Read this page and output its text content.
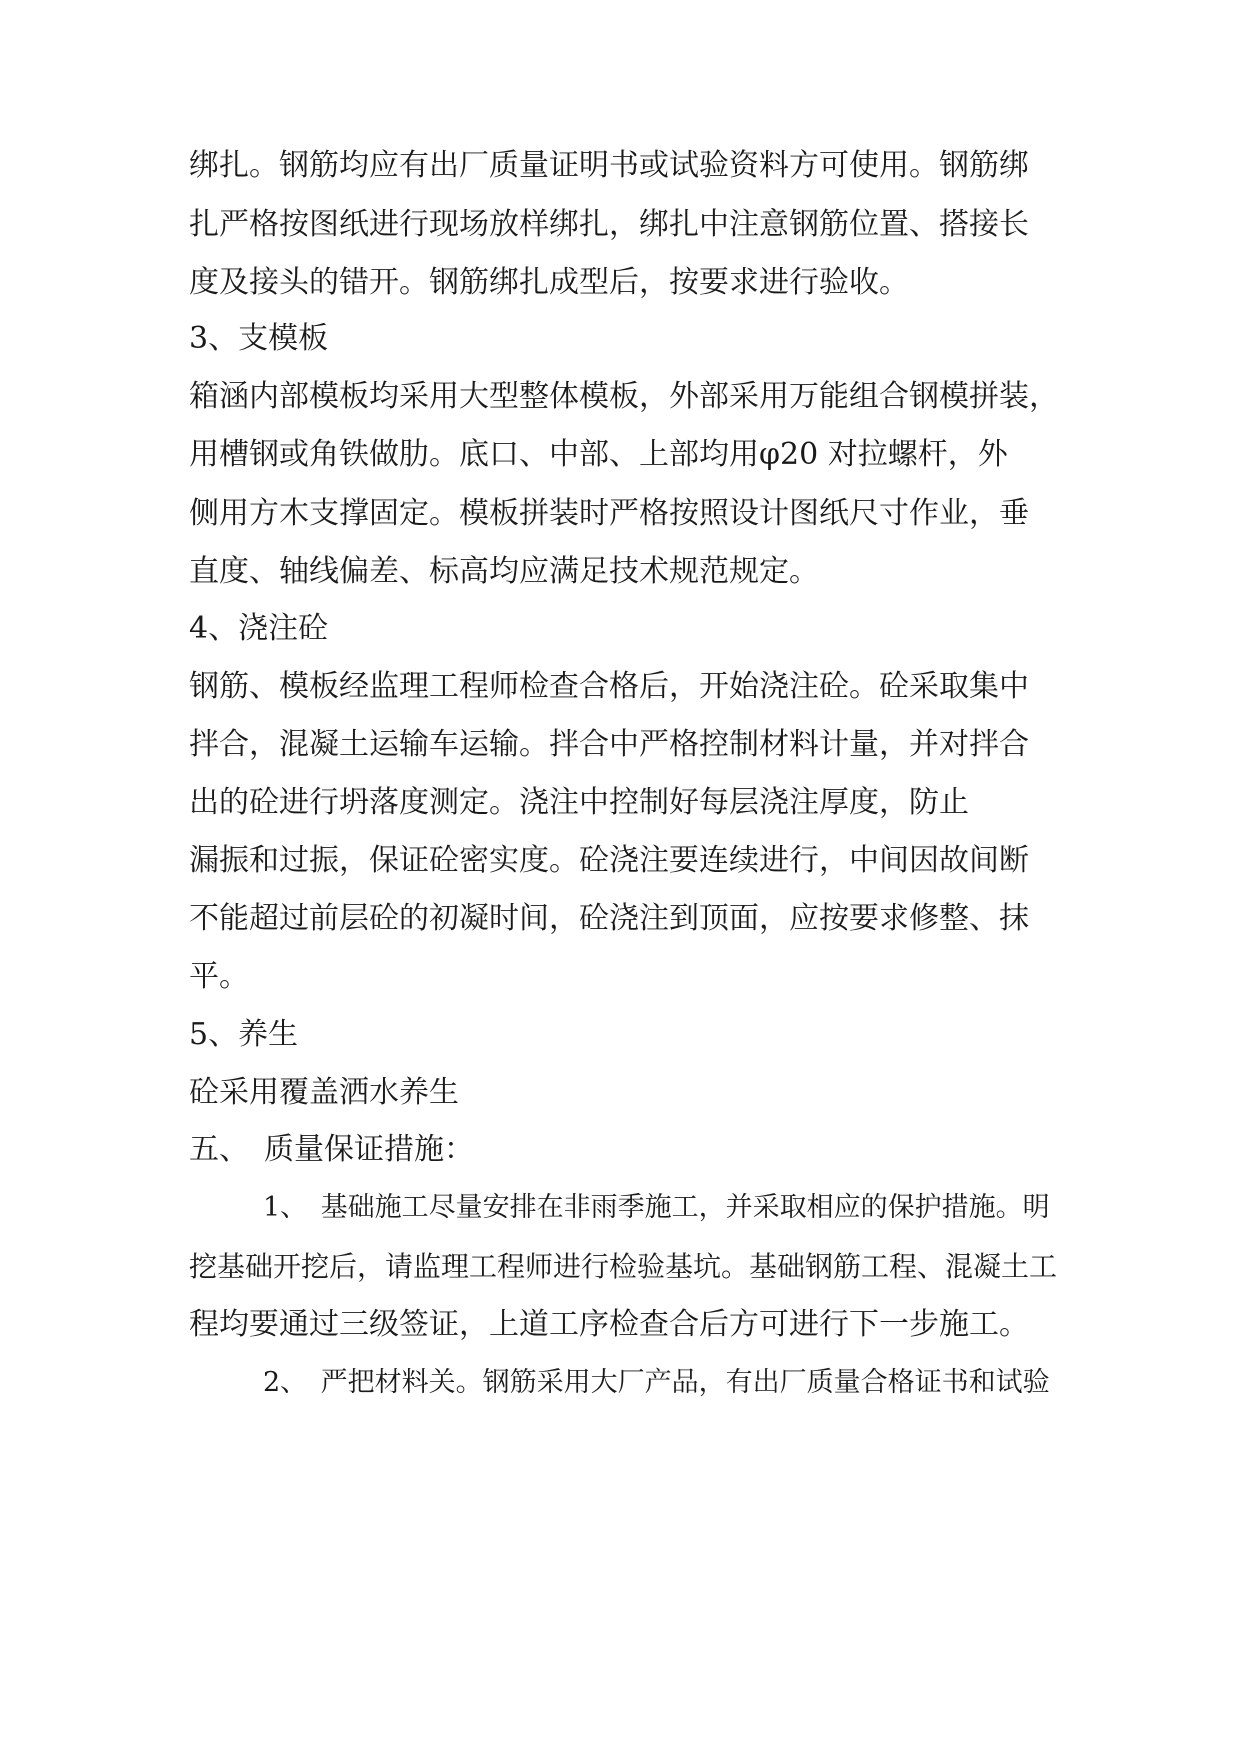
绑扎。钢筋均应有出厂质量证明书或试验资料方可使用。钢筋绑

扎严格按图纸进行现场放样绑扎，绑扎中注意钢筋位置、搭接长

度及接头的错开。钢筋绑扎成型后，按要求进行验收。

3、支模板

箱涵内部模板均采用大型整体模板，外部采用万能组合钢模拼装，

用槽钢或角铁做肋。底口、中部、上部均用φ20 对拉螺杆，外

侧用方木支撑固定。模板拼装时严格按照设计图纸尺寸作业，垂

直度、轴线偏差、标高均应满足技术规范规定。

4、浇注砼

钢筋、模板经监理工程师检查合格后，开始浇注砼。砼采取集中

拌合，混凝土运输车运输。拌合中严格控制材料计量，并对拌合

出的砼进行坍落度测定。浇注中控制好每层浇注厚度，防止

漏振和过振，保证砼密实度。砼浇注要连续进行，中间因故间断

不能超过前层砼的初凝时间，砼浇注到顶面，应按要求修整、抹

平。

5、养生

砼采用覆盖洒水养生

五、　质量保证措施：

1、　基础施工尽量安排在非雨季施工，并采取相应的保护措施。明

挖基础开挖后，请监理工程师进行检验基坑。基础钢筋工程、混凝土工

程均要通过三级签证，上道工序检查合后方可进行下一步施工。

2、　严把材料关。钢筋采用大厂产品，有出厂质量合格证书和试验
